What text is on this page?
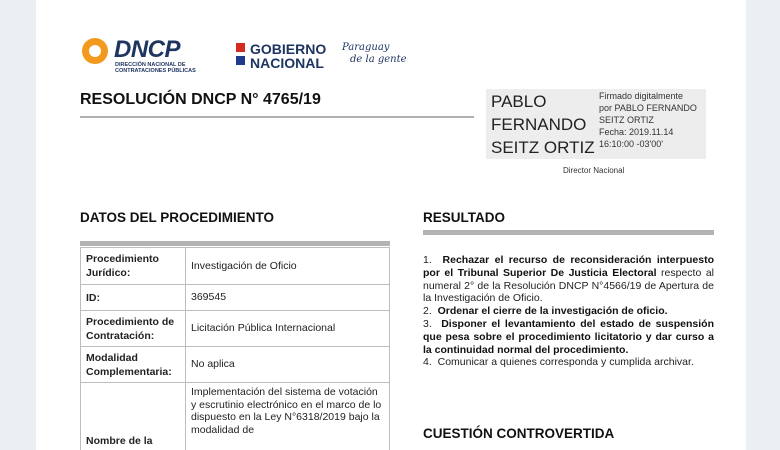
DNCP
DIRECCIÓN NACIONAL DE CONTRATACIONES PÚBLICAS
GOBIERNO
NACIONAL
Paraguay
de la gente
RESOLUCIÓN DNCP N° 4765/19	PABLO
FERNANDO
SEITZ ORTIZ
Firmado digitalmente
por PABLO FERNANDO
SEITZ ORTIZ
Fecha: 2019.11.14
16:10:00 -03'00'
Director Nacional
DATOS DEL PROCEDIMIENTO
Procedimiento Jurídico:	Investigación de Oficio
ID:	369545
Procedimiento de Contratación:	Licitación Pública Internacional
Modalidad Complementaria:	No aplica
Nombre de la	Implementación del sistema de votación y escrutinio electrónico en el marco de lo dispuesto en la Ley N°6318/2019 bajo la modalidad de
RESULTADO

1. Rechazar el recurso de reconsideración interpuesto por el Tribunal Superior De Justicia Electoral respecto al numeral 2° de la Resolución DNCP N°4566/19 de Apertura de la Investigación de Oficio.

2. Ordenar el cierre de la investigación de oficio.

3. Disponer el levantamiento del estado de suspensión que pesa sobre el procedimiento licitatorio y dar curso a la continuidad normal del procedimiento.

4. Comunicar a quienes corresponda y cumplida archivar.

CUESTIÓN CONTROVERTIDA
